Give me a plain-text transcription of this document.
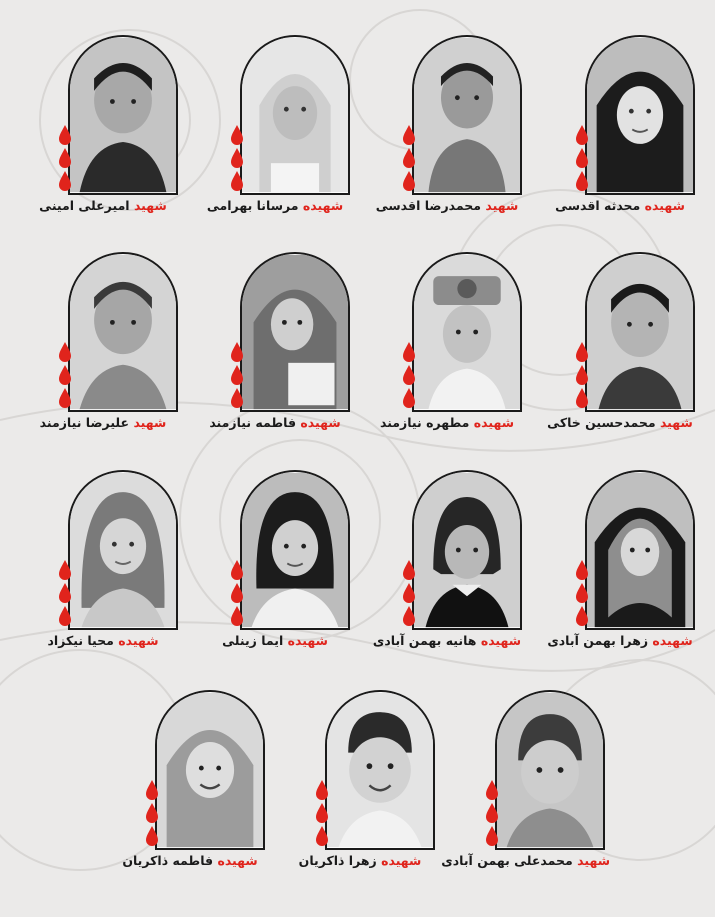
شهیده محدثه اقدسی
شهید محمدرضا اقدسی
شهیده مرسانا بهرامی
شهید امیرعلی امینی
شهید محمدحسین خاکی
شهیده مطهره نیازمند
شهیده فاطمه نیازمند
شهید علیرضا نیازمند
شهیده زهرا بهمن آبادی
شهیده هانیه بهمن آبادی
شهیده ایما زینلی
شهیده محیا نیکزاد
شهید محمدعلی بهمن آبادی
شهیده زهرا ذاکریان
شهیده فاطمه ذاکریان
